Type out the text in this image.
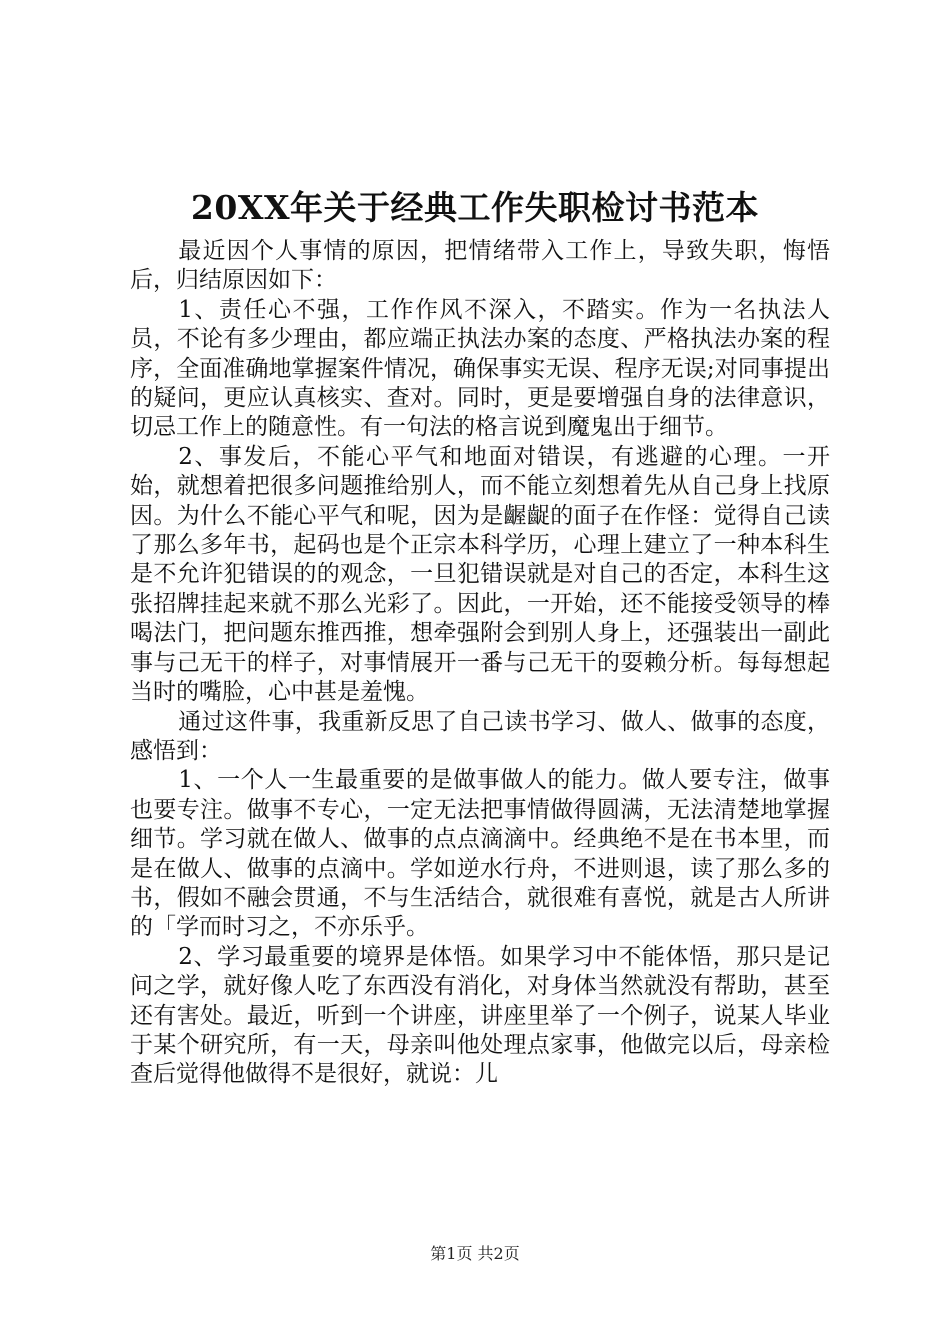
20XX年关于经典工作失职检讨书范本

最近因个人事情的原因，把情绪带入工作上，导致失职，悔悟后，归结原因如下：

1、责任心不强，工作作风不深入，不踏实。作为一名执法人员，不论有多少理由，都应端正执法办案的态度、严格执法办案的程序，全面准确地掌握案件情况，确保事实无误、程序无误;对同事提出的疑问，更应认真核实、查对。同时，更是要增强自身的法律意识，切忌工作上的随意性。有一句法的格言说到魔鬼出于细节。

2、事发后，不能心平气和地面对错误，有逃避的心理。一开始，就想着把很多问题推给别人，而不能立刻想着先从自己身上找原因。为什么不能心平气和呢，因为是齷齪的面子在作怪：觉得自己读了那么多年书，起码也是个正宗本科学历，心理上建立了一种本科生是不允许犯错误的的观念，一旦犯错误就是对自己的否定，本科生这张招牌挂起来就不那么光彩了。因此，一开始，还不能接受领导的棒喝法门，把问题东推西推，想牵强附会到别人身上，还强装出一副此事与己无干的样子，对事情展开一番与己无干的耍赖分析。每每想起当时的嘴脸，心中甚是羞愧。

通过这件事，我重新反思了自己读书学习、做人、做事的态度，感悟到：

1、一个人一生最重要的是做事做人的能力。做人要专注，做事也要专注。做事不专心，一定无法把事情做得圆满，无法清楚地掌握细节。学习就在做人、做事的点点滴滴中。经典绝不是在书本里，而是在做人、做事的点滴中。学如逆水行舟，不进则退，读了那么多的书，假如不融会贯通，不与生活结合，就很难有喜悦，就是古人所讲的「学而时习之，不亦乐乎。

2、学习最重要的境界是体悟。如果学习中不能体悟，那只是记问之学，就好像人吃了东西没有消化，对身体当然就没有帮助，甚至还有害处。最近，听到一个讲座，讲座里举了一个例子，说某人毕业于某个研究所，有一天，母亲叫他处理点家事，他做完以后，母亲检查后觉得他做得不是很好，就说：儿

第1页 共2页
